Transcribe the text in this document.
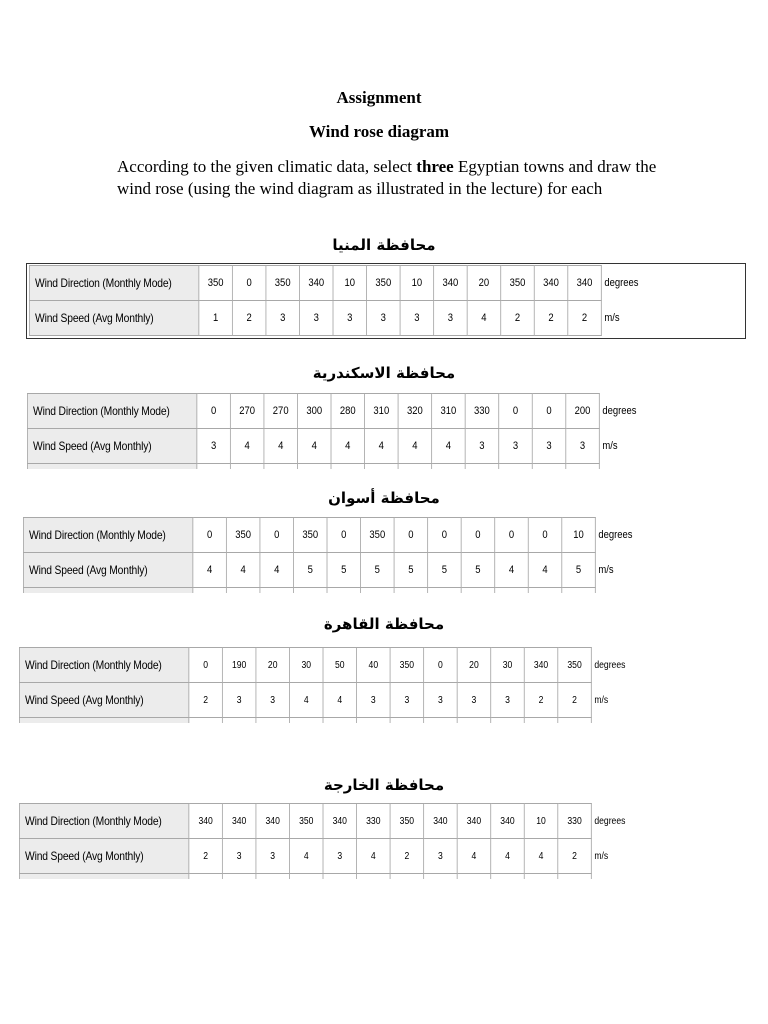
Assignment
Wind rose diagram
According to the given climatic data, select three Egyptian towns and draw the wind rose (using the wind diagram as illustrated in the lecture) for each
محافظة المنيا
Wind Direction (Monthly Mode)	350	0	350	340	10	350	10	340	20	350	340	340	degrees
Wind Speed (Avg Monthly)	1	2	3	3	3	3	3	3	4	2	2	2	m/s
محافظة الاسكندرية
Wind Direction (Monthly Mode)	0	270	270	300	280	310	320	310	330	0	0	200	degrees
Wind Speed (Avg Monthly)	3	4	4	4	4	4	4	4	3	3	3	3	m/s

محافظة أسوان
Wind Direction (Monthly Mode)	0	350	0	350	0	350	0	0	0	0	0	10	degrees
Wind Speed (Avg Monthly)	4	4	4	5	5	5	5	5	5	4	4	5	m/s

محافظة القاهرة
Wind Direction (Monthly Mode)	0	190	20	30	50	40	350	0	20	30	340	350	degrees
Wind Speed (Avg Monthly)	2	3	3	4	4	3	3	3	3	3	2	2	m/s

محافظة الخارجة
Wind Direction (Monthly Mode)	340	340	340	350	340	330	350	340	340	340	10	330	degrees
Wind Speed (Avg Monthly)	2	3	3	4	3	4	2	3	4	4	4	2	m/s
